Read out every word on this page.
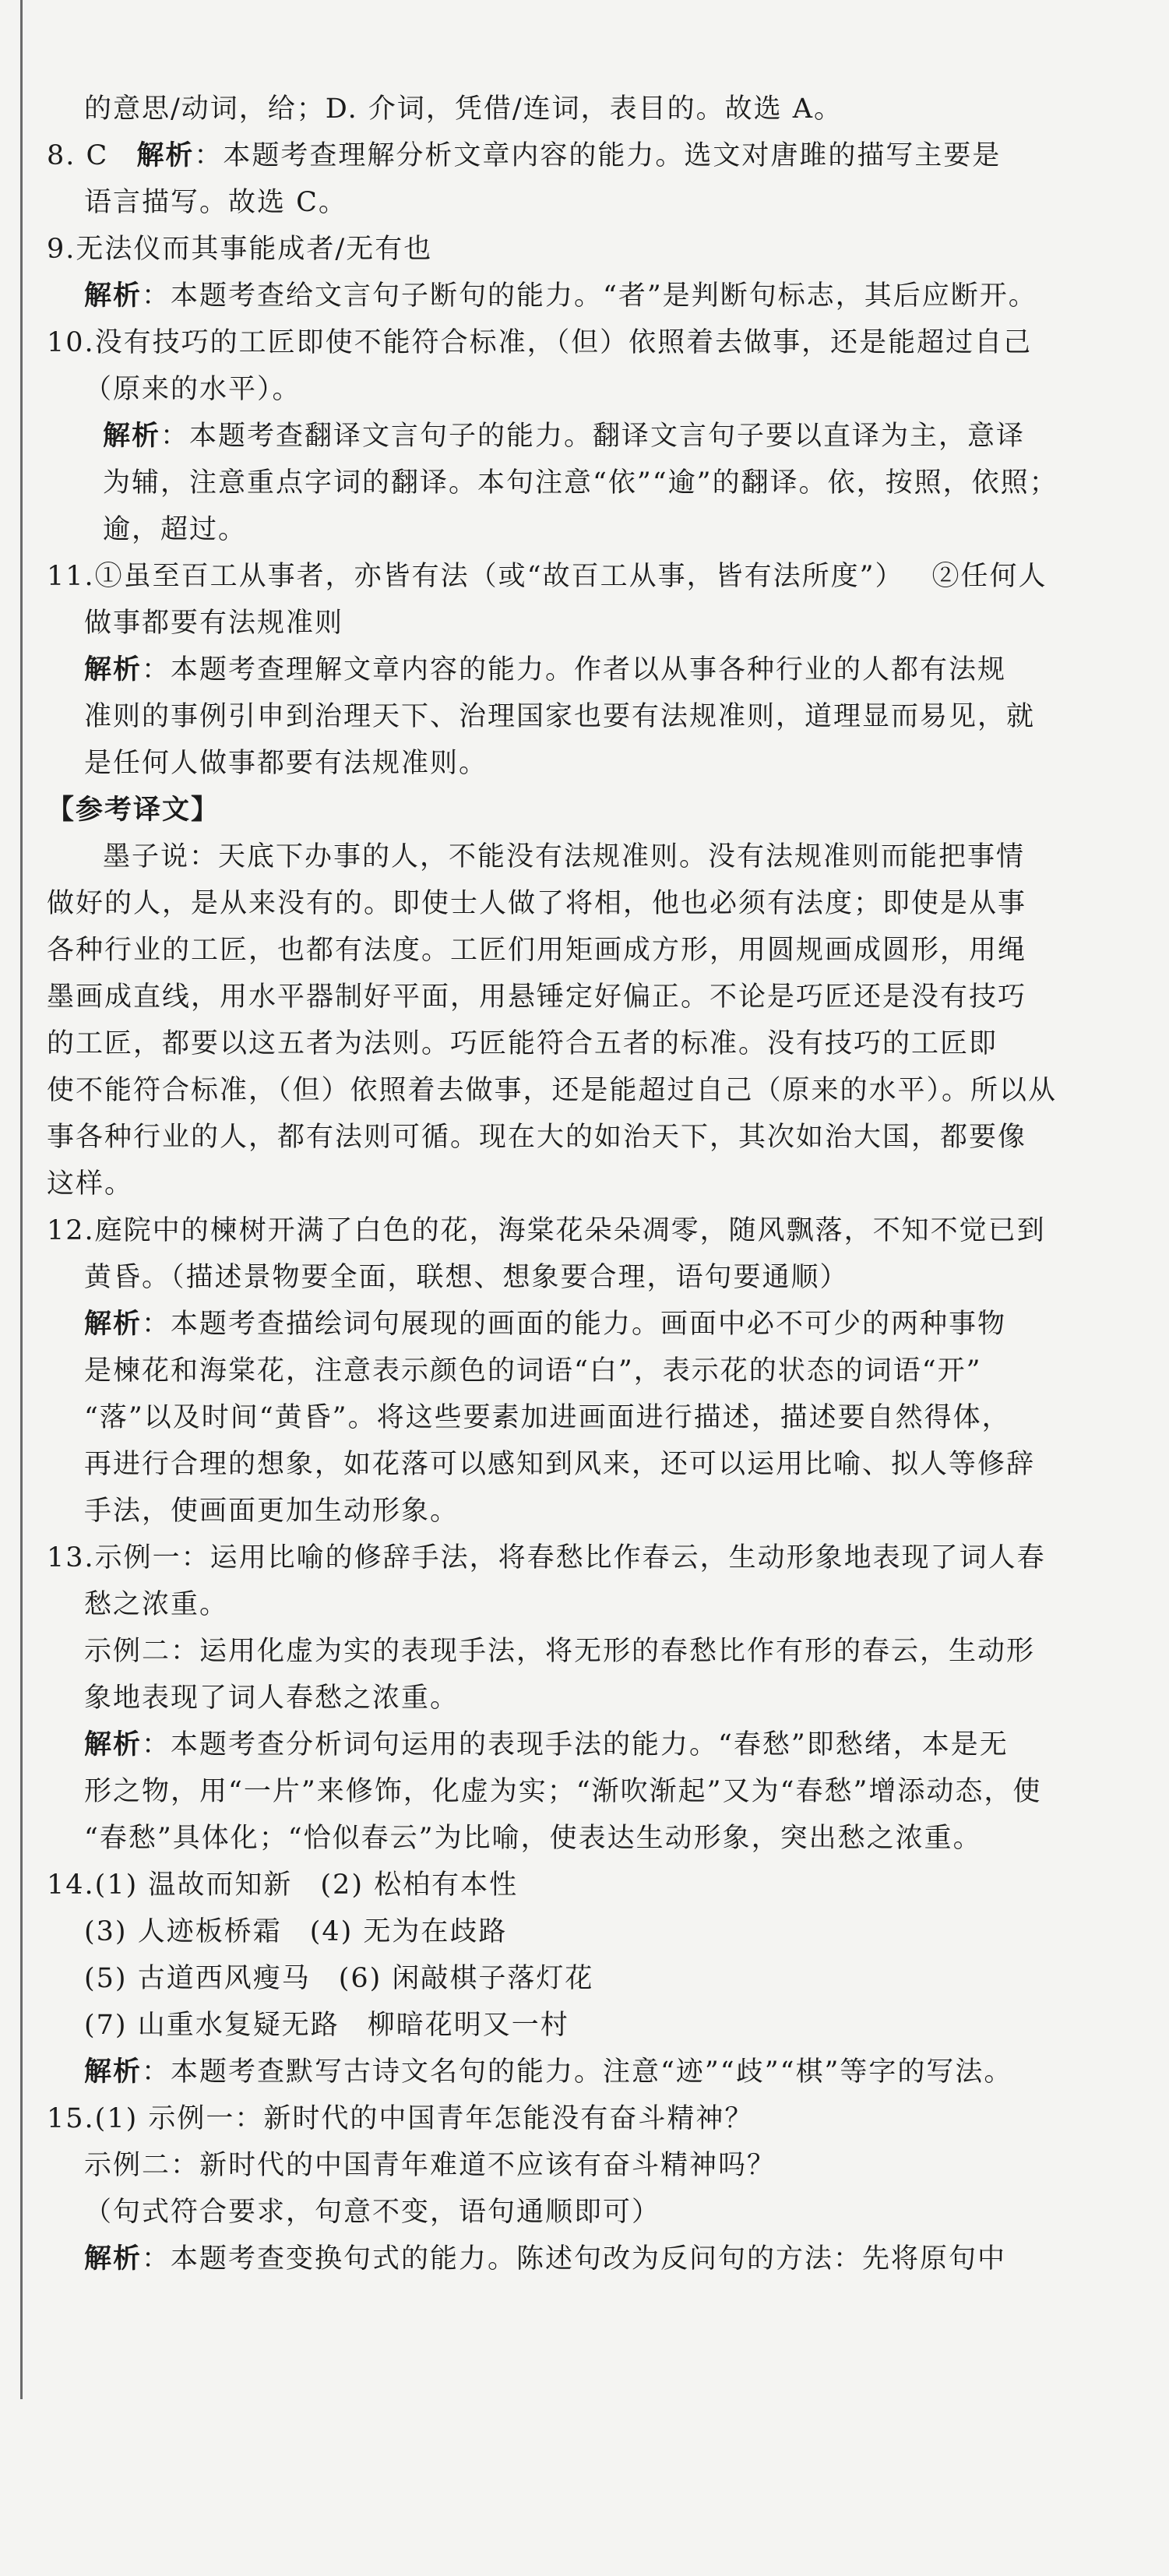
的意思/动词，给；D. 介词，凭借/连词，表目的。故选 A。
8. C 解析：本题考查理解分析文章内容的能力。选文对唐雎的描写主要是
语言描写。故选 C。
9.无法仪而其事能成者/无有也
解析：本题考查给文言句子断句的能力。“者”是判断句标志，其后应断开。
10.没有技巧的工匠即使不能符合标准，（但）依照着去做事，还是能超过自己
（原来的水平）。
解析：本题考查翻译文言句子的能力。翻译文言句子要以直译为主，意译
为辅，注意重点字词的翻译。本句注意“依”“逾”的翻译。依，按照，依照；
逾，超过。
11.①虽至百工从事者，亦皆有法（或“故百工从事，皆有法所度”） ②任何人
做事都要有法规准则
解析：本题考查理解文章内容的能力。作者以从事各种行业的人都有法规
准则的事例引申到治理天下、治理国家也要有法规准则，道理显而易见，就
是任何人做事都要有法规准则。
【参考译文】
墨子说：天底下办事的人，不能没有法规准则。没有法规准则而能把事情
做好的人，是从来没有的。即使士人做了将相，他也必须有法度；即使是从事
各种行业的工匠，也都有法度。工匠们用矩画成方形，用圆规画成圆形，用绳
墨画成直线，用水平器制好平面，用悬锤定好偏正。不论是巧匠还是没有技巧
的工匠，都要以这五者为法则。巧匠能符合五者的标准。没有技巧的工匠即
使不能符合标准，（但）依照着去做事，还是能超过自己（原来的水平）。所以从
事各种行业的人，都有法则可循。现在大的如治天下，其次如治大国，都要像
这样。
12.庭院中的楝树开满了白色的花，海棠花朵朵凋零，随风飘落，不知不觉已到
黄昏。（描述景物要全面，联想、想象要合理，语句要通顺）
解析：本题考查描绘词句展现的画面的能力。画面中必不可少的两种事物
是楝花和海棠花，注意表示颜色的词语“白”，表示花的状态的词语“开”
“落”以及时间“黄昏”。将这些要素加进画面进行描述，描述要自然得体，
再进行合理的想象，如花落可以感知到风来，还可以运用比喻、拟人等修辞
手法，使画面更加生动形象。
13.示例一：运用比喻的修辞手法，将春愁比作春云，生动形象地表现了词人春
愁之浓重。
示例二：运用化虚为实的表现手法，将无形的春愁比作有形的春云，生动形
象地表现了词人春愁之浓重。
解析：本题考查分析词句运用的表现手法的能力。“春愁”即愁绪，本是无
形之物，用“一片”来修饰，化虚为实；“渐吹渐起”又为“春愁”增添动态，使
“春愁”具体化；“恰似春云”为比喻，使表达生动形象，突出愁之浓重。
14.(1) 温故而知新 (2) 松柏有本性
(3) 人迹板桥霜 (4) 无为在歧路
(5) 古道西风瘦马 (6) 闲敲棋子落灯花
(7) 山重水复疑无路 柳暗花明又一村
解析：本题考查默写古诗文名句的能力。注意“迹”“歧”“棋”等字的写法。
15.(1) 示例一：新时代的中国青年怎能没有奋斗精神？
示例二：新时代的中国青年难道不应该有奋斗精神吗？
（句式符合要求，句意不变，语句通顺即可）
解析：本题考查变换句式的能力。陈述句改为反问句的方法：先将原句中
